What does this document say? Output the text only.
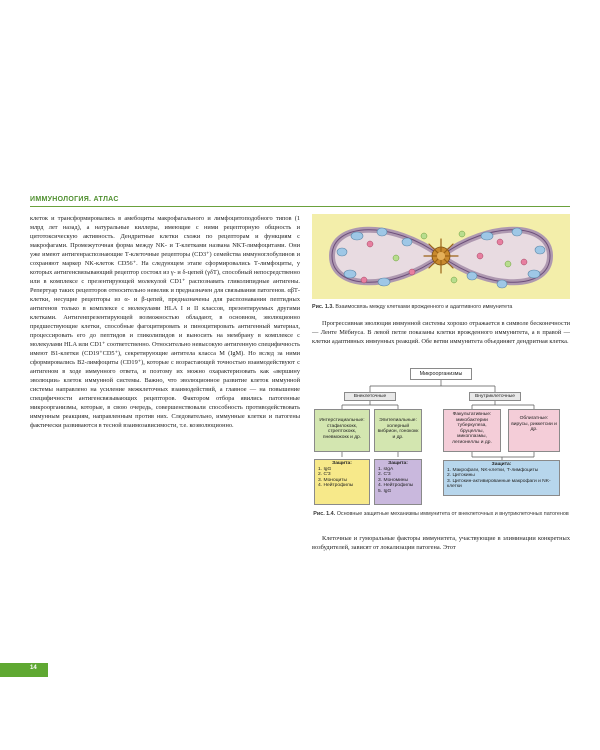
ИММУНОЛОГИЯ. АТЛАС

клеток и трансформировались в амебоциты макрофагального и лимфоцитоподобного типов (1 млрд лет назад), а натуральные киллеры, имеющие с ними рецепторную общность и цитотоксическую активность. Дендритные клетки схожи по рецепторам и функциям с макрофагами. Промежуточная форма между NK- и Т-клетками названа NKT-лимфоцитами. Они уже имеют антигенраспознающие Т-клеточные рецепторы (CD3⁺) семейства иммуноглобулинов и сохраняют маркер NK-клеток CD56⁺. На следующем этапе сформировались Т-лимфоциты, у которых антигенсвязывающий рецептор состоял из γ- и δ-цепей (γδТ), способный непосредственно или в комплексе с презентирующей молекулой CD1⁺ распознавать гликолипидные антигены. Репертуар таких рецепторов относительно невелик и предназначен для связывания патогенов. αβТ-клетки, несущие рецепторы из α- и β-цепей, предназначены для распознавания пептидных антигенов только в комплексе с молекулами HLA I и II классов, презентируемых другими клетками. Антигенпрезентирующей возможностью обладают, в основном, эволюционно предшествующие клетки, способные фагоцитировать и пиноцитировать антигенный материал, процессировать его до пептидов и гликолипидов и выносить на мембрану в комплексе с молекулами HLA или CD1⁺ соответственно. Относительно невысокую антигенную специфичность имеют В1-клетки (CD19⁺CD5⁺), секретирующие антитела класса М (IgM). Но вслед за ними сформировались В2-лимфоциты (CD19⁺), которые с возрастающей точностью взаимодействуют с антигеном в ходе иммунного ответа, и поэтому их можно охарактеризовать как «вершину эволюции» клеток иммунной системы. Важно, что эволюционное развитие клеток иммунной системы направлено на усиление межклеточных взаимодействий, а главное — на повышение специфичности антигенсвязывающих рецепторов. Фактором отбора явились патогенные микроорганизмы, которые, в свою очередь, совершенствовали способность противодействовать иммунным реакциям, направленным против них. Следовательно, иммунные клетки и патогены фактически развиваются в тесной взаимозависимости, т.е. коэволюционно.

Рис. 1.3. Взаимосвязь между клетками врожденного и адаптивного иммунитета

Прогрессивная эволюция иммунной системы хорошо отражается в символе бесконечности — Ленте Мёбиуса. В левой петле показаны клетки врожденного иммунитета, а в правой — клетки адаптивных иммунных реакций. Обе ветви иммунитета объединяет дендритная клетка.

Микроорганизмы
Внеклеточные	Внутриклеточные
Интерстициальные: стафилококк, стрептококк, пневмококк и др.
Эпителиальные: холерный вибрион, гонококк и др.
Факультативные: микобактерии туберкулеза, бруцеллы, микоплазмы, легионеллы и др.
Облигатные: вирусы, риккетсии и др.
Защита:
1. IgG
2. C'3
3. Моноциты
4. Нейтрофилы
Защита:
1. sIgA
2. C'3
3. Мономины
4. Нейтрофилы
5. IgG
Защита:
1. Макрофаги, NK-клетки, Т-лимфоциты
2. Цитокины
3. Цитокин-активированные макрофаги и NK-клетки
Рис. 1.4. Основные защитные механизмы иммунитета от внеклеточных и внутриклеточных патогенов

Клеточные и гуморальные факторы иммунитета, участвующие в элиминации конкретных возбудителей, зависят от локализации патогена. Этот

14
